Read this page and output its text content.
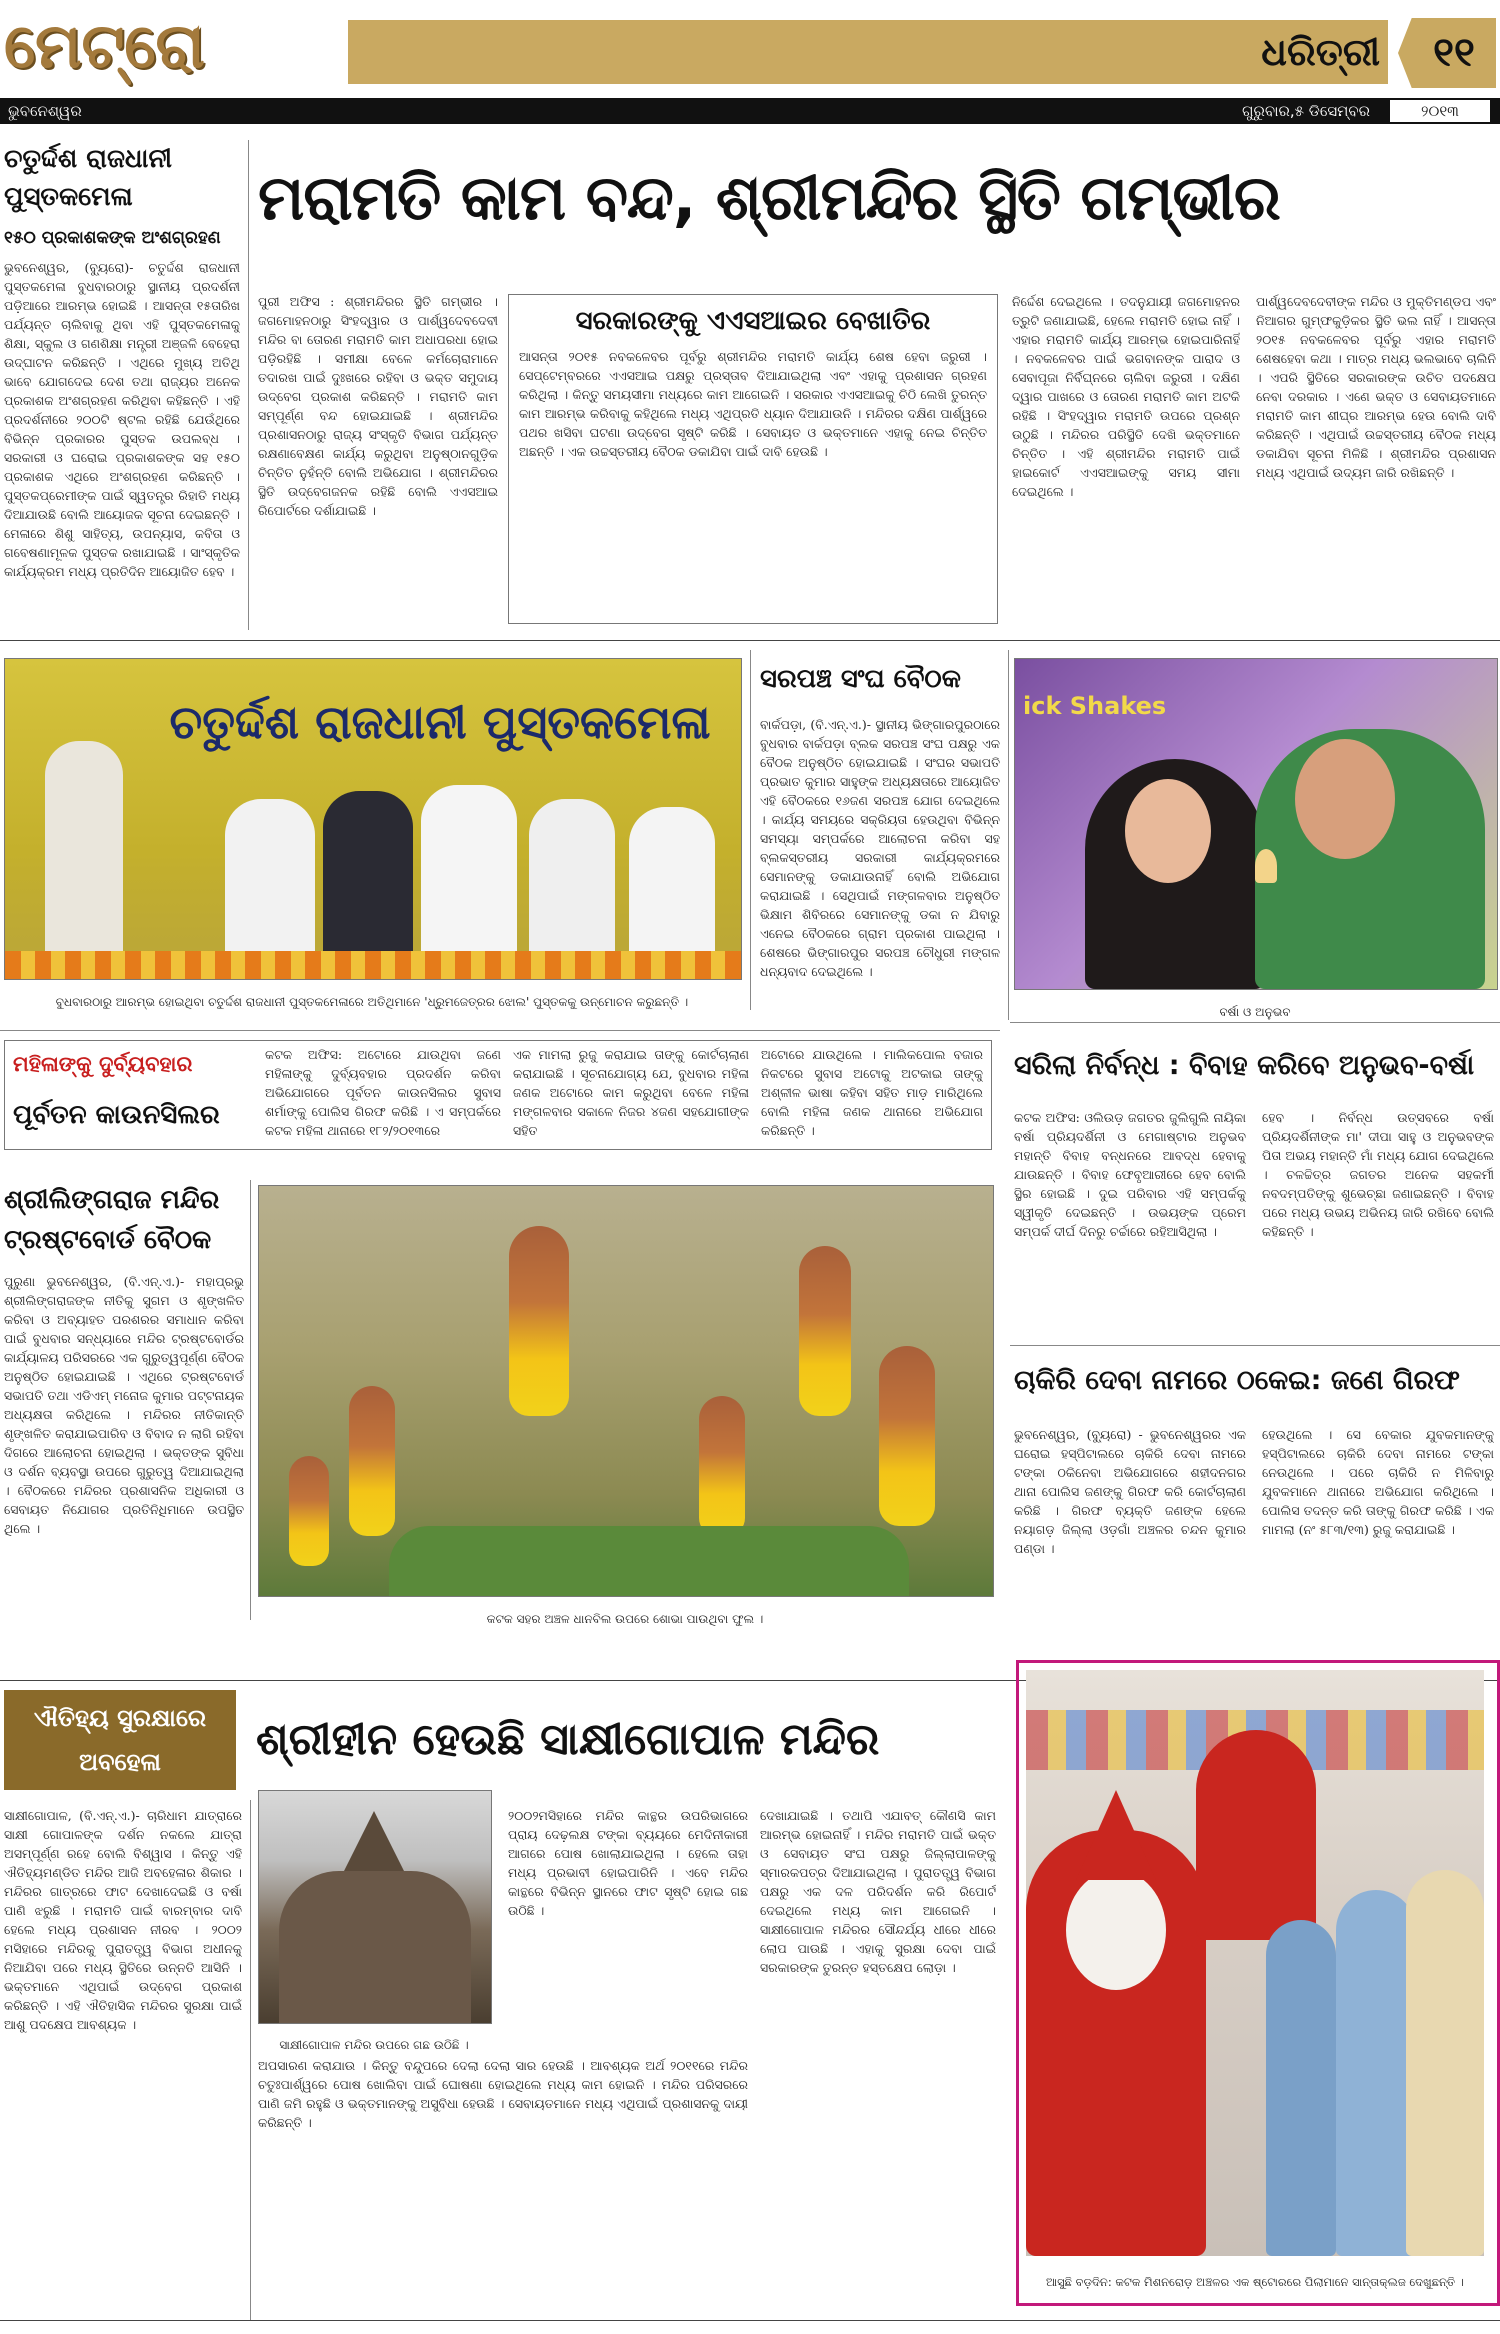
ମେଟ୍ରୋ	ଧରିତ୍ରୀ	୧୧
ଭୁବନେଶ୍ୱର	ଗୁରୁବାର,୫ ଡିସେମ୍ବର	୨୦୧୩
ଚତୁର୍ଦ୍ଦଶ ରାଜଧାନୀ ପୁସ୍ତକମେଳା
୧୫୦ ପ୍ରକାଶକଙ୍କ ଅଂଶଗ୍ରହଣ

ଭୁବନେଶ୍ୱର, (ବ୍ୟୁରୋ)- ଚତୁର୍ଦ୍ଦଶ ରାଜଧାନୀ ପୁସ୍ତକମେଳା ବୁଧବାରଠାରୁ ସ୍ଥାନୀୟ ପ୍ରଦର୍ଶନୀ ପଡ଼ିଆରେ ଆରମ୍ଭ ହୋଇଛି । ଆସନ୍ତା ୧୫ତାରିଖ ପର୍ଯ୍ୟନ୍ତ ଚାଲିବାକୁ ଥିବା ଏହି ପୁସ୍ତକମେଳାକୁ ଶିକ୍ଷା, ସ୍କୁଲ ଓ ଗଣଶିକ୍ଷା ମନ୍ତ୍ରୀ ଅଞ୍ଜଳି ବେହେରା ଉଦ୍‌ଘାଟନ କରିଛନ୍ତି । ଏଥିରେ ମୁଖ୍ୟ ଅତିଥି ଭାବେ ଯୋଗଦେଇ ଦେଶ ତଥା ରାଜ୍ୟର ଅନେକ ପ୍ରକାଶକ ଅଂଶଗ୍ରହଣ କରିଥିବା କହିଛନ୍ତି । ଏହି ପ୍ରଦର୍ଶନୀରେ ୨୦୦ଟି ଷ୍ଟଲ ରହିଛି ଯେଉଁଥିରେ ବିଭିନ୍ନ ପ୍ରକାରର ପୁସ୍ତକ ଉପଲବ୍ଧ । ସରକାରୀ ଓ ଘରୋଇ ପ୍ରକାଶକଙ୍କ ସହ ୧୫୦ ପ୍ରକାଶକ ଏଥିରେ ଅଂଶଗ୍ରହଣ କରିଛନ୍ତି । ପୁସ୍ତକପ୍ରେମୀଙ୍କ ପାଇଁ ସ୍ୱତନ୍ତ୍ର ରିହାତି ମଧ୍ୟ ଦିଆଯାଉଛି ବୋଲି ଆୟୋଜକ ସୂଚନା ଦେଇଛନ୍ତି । ମେଳାରେ ଶିଶୁ ସାହିତ୍ୟ, ଉପନ୍ୟାସ, କବିତା ଓ ଗବେଷଣାମୂଳକ ପୁସ୍ତକ ରଖାଯାଇଛି । ସାଂସ୍କୃତିକ କାର୍ଯ୍ୟକ୍ରମ ମଧ୍ୟ ପ୍ରତିଦିନ ଆୟୋଜିତ ହେବ ।

ମରାମତି କାମ ବନ୍ଦ, ଶ୍ରୀମନ୍ଦିର ସ୍ଥିତି ଗମ୍ଭୀର

ପୁରୀ ଅଫିସ : ଶ୍ରୀମନ୍ଦିରର ସ୍ଥିତି ଗମ୍ଭୀର । ଜଗମୋହନଠାରୁ ସିଂହଦ୍ୱାର ଓ ପାର୍ଶ୍ୱଦେବଦେବୀ ମନ୍ଦିର ବା ତୋରଣ ମରାମତି କାମ ଅଧାପରଧା ହୋଇ ପଡ଼ିରହିଛି । ସମୀକ୍ଷା ବେଳେ କର୍ମଚୋରାମାନେ ତଦାରଖ ପାଇଁ ଦୁଃଖରେ ରହିବା ଓ ଭକ୍ତ ସମୁଦାୟ ଉଦ୍‌ବେଗ ପ୍ରକାଶ କରିଛନ୍ତି । ମରାମତି କାମ ସମ୍ପୂର୍ଣ୍ଣ ବନ୍ଦ ହୋଇଯାଇଛି । ଶ୍ରୀମନ୍ଦିର ପ୍ରଶାସନଠାରୁ ରାଜ୍ୟ ସଂସ୍କୃତି ବିଭାଗ ପର୍ଯ୍ୟନ୍ତ ରକ୍ଷଣାବେକ୍ଷଣ କାର୍ଯ୍ୟ କରୁଥିବା ଅନୁଷ୍ଠାନଗୁଡ଼ିକ ଚିନ୍ତିତ ନୁହଁନ୍ତି ବୋଲି ଅଭିଯୋଗ । ଶ୍ରୀମନ୍ଦିରର ସ୍ଥିତି ଉଦ୍‌ବେଗଜନକ ରହିଛି ବୋଲି ଏଏସଆଇ ରିପୋର୍ଟରେ ଦର୍ଶାଯାଇଛି ।

ସରକାରଙ୍କୁ ଏଏସଆଇର ବେଖାତିର

ଆସନ୍ତା ୨୦୧୫ ନବକଳେବର ପୂର୍ବରୁ ଶ୍ରୀମନ୍ଦିର ମରାମତି କାର୍ଯ୍ୟ ଶେଷ ହେବା ଜରୁରୀ । ସେପ୍ଟେମ୍ବରରେ ଏଏସଆଇ ପକ୍ଷରୁ ପ୍ରସ୍ତାବ ଦିଆଯାଇଥିଲା ଏବଂ ଏହାକୁ ପ୍ରଶାସନ ଗ୍ରହଣ କରିଥିଲା । କିନ୍ତୁ ସମୟସୀମା ମଧ୍ୟରେ କାମ ଆଗେଇନି । ସରକାର ଏଏସଆଇକୁ ଚିଠି ଲେଖି ତୁରନ୍ତ କାମ ଆରମ୍ଭ କରିବାକୁ କହିଥିଲେ ମଧ୍ୟ ଏଥିପ୍ରତି ଧ୍ୟାନ ଦିଆଯାଉନି । ମନ୍ଦିରର ଦକ୍ଷିଣ ପାର୍ଶ୍ୱରେ ପଥର ଖସିବା ଘଟଣା ଉଦ୍‌ବେଗ ସୃଷ୍ଟି କରିଛି । ସେବାୟତ ଓ ଭକ୍ତମାନେ ଏହାକୁ ନେଇ ଚିନ୍ତିତ ଅଛନ୍ତି । ଏକ ଉଚ୍ଚସ୍ତରୀୟ ବୈଠକ ଡକାଯିବା ପାଇଁ ଦାବି ହେଉଛି ।

ନିର୍ଦ୍ଦେଶ ଦେଇଥିଲେ । ତଦନୁଯାୟୀ ଜଗମୋହନର ତ୍ରୁଟି ଜଣାଯାଇଛି, ହେଲେ ମରାମତି ହୋଇ ନାହିଁ । ଏହାର ମରାମତି କାର୍ଯ୍ୟ ଆରମ୍ଭ ହୋଇପାରିନାହିଁ । ନବକଳେବର ପାଇଁ ଭଗବାନଙ୍କ ପାରାଦ ଓ ସେବାପୂଜା ନିର୍ବିଘ୍ନରେ ଚାଲିବା ଜରୁରୀ । ଦକ୍ଷିଣ ଦ୍ୱାର ପାଖରେ ଓ ତୋରଣ ମରାମତି କାମ ଅଟକି ରହିଛି । ସିଂହଦ୍ୱାର ମରାମତି ଉପରେ ପ୍ରଶ୍ନ ଉଠୁଛି । ମନ୍ଦିରର ପରିସ୍ଥିତି ଦେଖି ଭକ୍ତମାନେ ଚିନ୍ତିତ । ଏହି ଶ୍ରୀମନ୍ଦିର ମରାମତି ପାଇଁ ହାଇକୋର୍ଟ ଏଏସଆଇଙ୍କୁ ସମୟ ସୀମା ଦେଇଥିଲେ ।

ପାର୍ଶ୍ୱଦେବଦେବୀଙ୍କ ମନ୍ଦିର ଓ ମୁକ୍ତିମଣ୍ଡପ ଏବଂ ନିଆଗର ଗୁମ୍ଫକୁଡ଼ିକର ସ୍ଥିତି ଭଲ ନାହିଁ । ଆସନ୍ତା ୨୦୧୫ ନବକଳେବର ପୂର୍ବରୁ ଏହାର ମରାମତି ଶେଷହେବା କଥା । ମାତ୍ର ମଧ୍ୟ ଭଲଭାବେ ଚାଲିନି । ଏପରି ସ୍ଥିତିରେ ସରକାରଙ୍କ ଉଚିତ ପଦକ୍ଷେପ ନେବା ଦରକାର । ଏଣେ ଭକ୍ତ ଓ ସେବାୟତମାନେ ମରାମତି କାମ ଶୀଘ୍ର ଆରମ୍ଭ ହେଉ ବୋଲି ଦାବି କରିଛନ୍ତି । ଏଥିପାଇଁ ଉଚ୍ଚସ୍ତରୀୟ ବୈଠକ ମଧ୍ୟ ଡକାଯିବା ସୂଚନା ମିଳିଛି । ଶ୍ରୀମନ୍ଦିର ପ୍ରଶାସନ ମଧ୍ୟ ଏଥିପାଇଁ ଉଦ୍ୟମ ଜାରି ରଖିଛନ୍ତି ।

ଚତୁର୍ଦ୍ଦଶ ରାଜଧାନୀ ପୁସ୍ତକମେଳା

ବୁଧବାରଠାରୁ ଆରମ୍ଭ ହୋଇଥିବା ଚତୁର୍ଦ୍ଦଶ ରାଜଧାନୀ ପୁସ୍ତକମେଳାରେ ଅତିଥିମାନେ 'ଧ୍ରୁମଜେତ୍ରର ଝୋଲ' ପୁସ୍ତକକୁ ଉନ୍ମୋଚନ କରୁଛନ୍ତି ।

ସରପଞ୍ଚ ସଂଘ ବୈଠକ

ବାର୍କପଡ଼ା, (ବି.ଏନ୍.ଏ.)- ସ୍ଥାନୀୟ ଭିଙ୍ଗାରପୁରଠାରେ ବୁଧବାର ବାର୍କପଡ଼ା ବ୍ଲକ ସରପଞ୍ଚ ସଂଘ ପକ୍ଷରୁ ଏକ ବୈଠକ ଅନୁଷ୍ଠିତ ହୋଇଯାଇଛି । ସଂଘର ସଭାପତି ପ୍ରଭାତ କୁମାର ସାହୁଙ୍କ ଅଧ୍ୟକ୍ଷତାରେ ଆୟୋଜିତ ଏହି ବୈଠକରେ ୧୬ଜଣ ସରପଞ୍ଚ ଯୋଗ ଦେଇଥିଲେ । କାର୍ଯ୍ୟ ସମୟରେ ସକ୍ରିୟତା ହେଉଥିବା ବିଭିନ୍ନ ସମସ୍ୟା ସମ୍ପର୍କରେ ଆଲୋଚନା କରିବା ସହ ବ୍ଲକସ୍ତରୀୟ ସରକାରୀ କାର୍ଯ୍ୟକ୍ରମରେ ସେମାନଙ୍କୁ ଡକାଯାଉନାହିଁ ବୋଲି ଅଭିଯୋଗ କରାଯାଇଛି । ସେଥିପାଇଁ ମଙ୍ଗଳବାର ଅନୁଷ୍ଠିତ ଭିକ୍ଷାମ ଶିବିରରେ ସେମାନଙ୍କୁ ଡକା ନ ଯିବାରୁ ଏନେଇ ବୈଠକରେ ଗ୍ରାମ ପ୍ରକାଶ ପାଇଥିଲା । ଶେଷରେ ଭିଙ୍ଗାରପୁର ସରପଞ୍ଚ ଚୌଧୁରୀ ମଙ୍ଗଳ ଧନ୍ୟବାଦ ଦେଇଥିଲେ ।

ick Shakes

ବର୍ଷା ଓ ଅନୁଭବ

ମହିଳାଙ୍କୁ ଦୁର୍ବ୍ୟବହାର
ପୂର୍ବତନ କାଉନସିଲର

କଟକ ଅଫିସ: ଅଟୋରେ ଯାଉଥିବା ଜଣେ ମହିଳାଙ୍କୁ ଦୁର୍ବ୍ୟବହାର ପ୍ରଦର୍ଶନ କରିବା ଅଭିଯୋଗରେ ପୂର୍ବତନ କାଉନସିଲର ସୁବାସ ଶର୍ମାଙ୍କୁ ପୋଲିସ ଗିରଫ କରିଛି । ଏ ସମ୍ପର୍କରେ କଟକ ମହିଳା ଥାନାରେ ୧୮୨/୨୦୧୩ରେ

ଏକ ମାମଲା ରୁଜୁ କରାଯାଇ ତାଙ୍କୁ କୋର୍ଟଚାଲାଣ କରାଯାଇଛି । ସୂଚନାଯୋଗ୍ୟ ଯେ, ବୁଧବାର ମହିଳା ଜଣକ ଅଟୋରେ କାମ କରୁଥିବା ବେଳେ ମହିଳା ମଙ୍ଗଳବାର ସକାଳେ ନିଜର ୪ଜଣ ସହଯୋଗୀଙ୍କ ସହିତ

ଅଟୋରେ ଯାଉଥିଲେ । ମାଲିକପୋଲ ବଜାର ନିକଟରେ ସୁବାସ ଅଟୋକୁ ଅଟକାଇ ତାଙ୍କୁ ଅଶ୍ଳୀଳ ଭାଷା କହିବା ସହିତ ମାଡ଼ ମାରିଥିଲେ ବୋଲି ମହିଳା ଜଣକ ଥାନାରେ ଅଭିଯୋଗ କରିଛନ୍ତି ।

ସରିଲା ନିର୍ବନ୍ଧ : ବିବାହ କରିବେ ଅନୁଭବ-ବର୍ଷା

କଟକ ଅଫିସ: ଓଲିଉଡ଼ ଜଗତର ଜୁଲିଗୁଲି ନାୟିକା ବର୍ଷା ପ୍ରିୟଦର୍ଶିନୀ ଓ ମେଗାଷ୍ଟାର ଅନୁଭବ ମହାନ୍ତି ବିବାହ ବନ୍ଧନରେ ଆବଦ୍ଧ ହେବାକୁ ଯାଉଛନ୍ତି । ବିବାହ ଫେବୃଆରୀରେ ହେବ ବୋଲି ସ୍ଥିର ହୋଇଛି । ଦୁଇ ପରିବାର ଏହି ସମ୍ପର୍କକୁ ସ୍ୱୀକୃତି ଦେଇଛନ୍ତି । ଉଭୟଙ୍କ ପ୍ରେମ ସମ୍ପର୍କ ଦୀର୍ଘ ଦିନରୁ ଚର୍ଚ୍ଚାରେ ରହିଆସିଥିଲା ।

ହେବ । ନିର୍ବନ୍ଧ ଉତ୍ସବରେ ବର୍ଷା ପ୍ରିୟଦର୍ଶିନୀଙ୍କ ମା' ଦୀପା ସାହୁ ଓ ଅନୁଭବଙ୍କ ପିତା ଅଭୟ ମହାନ୍ତି ମାଁ ମଧ୍ୟ ଯୋଗ ଦେଇଥିଲେ । ଚଳଚ୍ଚିତ୍ର ଜଗତର ଅନେକ ସହକର୍ମୀ ନବଦମ୍ପତିଙ୍କୁ ଶୁଭେଚ୍ଛା ଜଣାଇଛନ୍ତି । ବିବାହ ପରେ ମଧ୍ୟ ଉଭୟ ଅଭିନୟ ଜାରି ରଖିବେ ବୋଲି କହିଛନ୍ତି ।

ଶ୍ରୀଲିଙ୍ଗରାଜ ମନ୍ଦିର ଟ୍ରଷ୍ଟବୋର୍ଡ ବୈଠକ

ପୁରୁଣା ଭୁବନେଶ୍ୱର, (ବି.ଏନ୍.ଏ.)- ମହାପ୍ରଭୁ ଶ୍ରୀଲିଙ୍ଗରାଜଙ୍କ ନୀତିକୁ ସୁଗମ ଓ ଶୃଙ୍ଖଳିତ କରିବା ଓ ଅବ୍ୟାହତ ପରଶରର ସମାଧାନ କରିବା ପାଇଁ ବୁଧବାର ସନ୍ଧ୍ୟାରେ ମନ୍ଦିର ଟ୍ରଷ୍ଟବୋର୍ଡର କାର୍ଯ୍ୟାଳୟ ପରିସରରେ ଏକ ଗୁରୁତ୍ୱପୂର୍ଣ୍ଣ ବୈଠକ ଅନୁଷ୍ଠିତ ହୋଇଯାଇଛି । ଏଥିରେ ଟ୍ରଷ୍ଟବୋର୍ଡ ସଭାପତି ତଥା ଏଡିଏମ୍ ମନୋଜ କୁମାର ପଟ୍ଟନାୟକ ଅଧ୍ୟକ୍ଷତା କରିଥିଲେ । ମନ୍ଦିରର ନୀତିକାନ୍ତି ଶୃଙ୍ଖଳିତ କରାଯାଇପାରିବ ଓ ବିବାଦ ନ ଲାଗି ରହିବା ଦିଗରେ ଆଲୋଚନା ହୋଇଥିଲା । ଭକ୍ତଙ୍କ ସୁବିଧା ଓ ଦର୍ଶନ ବ୍ୟବସ୍ଥା ଉପରେ ଗୁରୁତ୍ୱ ଦିଆଯାଇଥିଲା । ବୈଠକରେ ମନ୍ଦିରର ପ୍ରଶାସନିକ ଅଧିକାରୀ ଓ ସେବାୟତ ନିଯୋଗର ପ୍ରତିନିଧିମାନେ ଉପସ୍ଥିତ ଥିଲେ ।

କଟକ ସହର ଅଞ୍ଚଳ ଧାନବିଲ ଉପରେ ଶୋଭା ପାଉଥିବା ଫୁଲ ।

ଚାକିରି ଦେବା ନାମରେ ଠକେଇ: ଜଣେ ଗିରଫ

ଭୁବନେଶ୍ୱର, (ବ୍ୟୁରୋ) - ଭୁବନେଶ୍ୱରର ଏକ ଘରୋଇ ହସ୍ପିଟାଲରେ ଚାକିରି ଦେବା ନାମରେ ଟଙ୍କା ଠକିନେବା ଅଭିଯୋଗରେ ଶହୀଦନଗର ଥାନା ପୋଲିସ ଜଣଙ୍କୁ ଗିରଫ କରି କୋର୍ଟଚାଲାଣ କରିଛି । ଗିରଫ ବ୍ୟକ୍ତି ଜଣଙ୍କ ହେଲେ ନୟାଗଡ଼ ଜିଲ୍ଲା ଓଡ଼ଗାଁ ଅଞ୍ଚଳର ଚନ୍ଦନ କୁମାର ପଣ୍ଡା ।

ହେଉଥିଲେ । ସେ ବେକାର ଯୁବକମାନଙ୍କୁ ହସ୍ପିଟାଲରେ ଚାକିରି ଦେବା ନାମରେ ଟଙ୍କା ନେଉଥିଲେ । ପରେ ଚାକିରି ନ ମିଳିବାରୁ ଯୁବକମାନେ ଥାନାରେ ଅଭିଯୋଗ କରିଥିଲେ । ପୋଲିସ ତଦନ୍ତ କରି ତାଙ୍କୁ ଗିରଫ କରିଛି । ଏକ ମାମଲା (ନଂ ୫୮୩/୧୩) ରୁଜୁ କରାଯାଇଛି ।

ଐତିହ୍ୟ ସୁରକ୍ଷାରେ ଅବହେଳା	ଶ୍ରୀହୀନ ହେଉଛି ସାକ୍ଷୀଗୋପାଳ ମନ୍ଦିର

ସାକ୍ଷୀଗୋପାଳ, (ବି.ଏନ୍.ଏ.)- ଚାରିଧାମ ଯାତ୍ରାରେ ସାକ୍ଷୀ ଗୋପାଳଙ୍କ ଦର୍ଶନ ନକଲେ ଯାତ୍ରା ଅସମ୍ପୂର୍ଣ୍ଣ ରହେ ବୋଲି ବିଶ୍ୱାସ । କିନ୍ତୁ ଏହି ଐତିହ୍ୟମଣ୍ଡିତ ମନ୍ଦିର ଆଜି ଅବହେଳାର ଶିକାର । ମନ୍ଦିରର ଗାତ୍ରରେ ଫାଟ ଦେଖାଦେଇଛି ଓ ବର୍ଷା ପାଣି ଝରୁଛି । ମରାମତି ପାଇଁ ବାରମ୍ବାର ଦାବି ହେଲେ ମଧ୍ୟ ପ୍ରଶାସନ ନୀରବ । ୨୦୦୨ ମସିହାରେ ମନ୍ଦିରକୁ ପୁରାତତ୍ତ୍ୱ ବିଭାଗ ଅଧୀନକୁ ନିଆଯିବା ପରେ ମଧ୍ୟ ସ୍ଥିତିରେ ଉନ୍ନତି ଆସିନି । ଭକ୍ତମାନେ ଏଥିପାଇଁ ଉଦ୍‌ବେଗ ପ୍ରକାଶ କରିଛନ୍ତି । ଏହି ଐତିହାସିକ ମନ୍ଦିରର ସୁରକ୍ଷା ପାଇଁ ଆଶୁ ପଦକ୍ଷେପ ଆବଶ୍ୟକ ।

ସାକ୍ଷୀଗୋପାଳ ମନ୍ଦିର ଉପରେ ଗଛ ଉଠିଛି ।

୨୦୦୨ମସିହାରେ ମନ୍ଦିର କାନ୍ଥର ଉପରିଭାଗରେ ପ୍ରାୟ ଦେଢ଼ଲକ୍ଷ ଟଙ୍କା ବ୍ୟୟରେ ମେଦିନୀକାରୀ ଆଗରେ ପୋଷ ଖୋଲାଯାଇଥିଲା । ହେଲେ ତାହା ମଧ୍ୟ ପ୍ରଭାବୀ ହୋଇପାରିନି । ଏବେ ମନ୍ଦିର କାନ୍ଥରେ ବିଭିନ୍ନ ସ୍ଥାନରେ ଫାଟ ସୃଷ୍ଟି ହୋଇ ଗଛ ଉଠିଛି ।

ଅପସାରଣ କରାଯାଉ । କିନ୍ତୁ ବନ୍ଦୁପରେ ଦେଲା ଦେଲା ସାର ହେଉଛି । ଆବଶ୍ୟକ ଅର୍ଥ ୨୦୧୧ରେ ମନ୍ଦିର ଚତୁଃପାର୍ଶ୍ୱରେ ପୋଷ ଖୋଲିବା ପାଇଁ ଘୋଷଣା ହୋଇଥିଲେ ମଧ୍ୟ କାମ ହୋଇନି । ମନ୍ଦିର ପରିସରରେ ପାଣି ଜମି ରହୁଛି ଓ ଭକ୍ତମାନଙ୍କୁ ଅସୁବିଧା ହେଉଛି । ସେବାୟତମାନେ ମଧ୍ୟ ଏଥିପାଇଁ ପ୍ରଶାସନକୁ ଦାୟୀ କରିଛନ୍ତି ।

ଦେଖାଯାଇଛି । ତଥାପି ଏଯାବତ୍ କୌଣସି କାମ ଆରମ୍ଭ ହୋଇନାହିଁ । ମନ୍ଦିର ମରାମତି ପାଇଁ ଭକ୍ତ ଓ ସେବାୟତ ସଂଘ ପକ୍ଷରୁ ଜିଲ୍ଲାପାଳଙ୍କୁ ସ୍ମାରକପତ୍ର ଦିଆଯାଇଥିଲା । ପୁରାତତ୍ତ୍ୱ ବିଭାଗ ପକ୍ଷରୁ ଏକ ଦଳ ପରିଦର୍ଶନ କରି ରିପୋର୍ଟ ଦେଇଥିଲେ ମଧ୍ୟ କାମ ଆଗେଇନି । ସାକ୍ଷୀଗୋପାଳ ମନ୍ଦିରର ସୌନ୍ଦର୍ଯ୍ୟ ଧୀରେ ଧୀରେ ଲୋପ ପାଉଛି । ଏହାକୁ ସୁରକ୍ଷା ଦେବା ପାଇଁ ସରକାରଙ୍କ ତୁରନ୍ତ ହସ୍ତକ୍ଷେପ ଲୋଡ଼ା ।

ଆସୁଛି ବଡ଼ଦିନ: କଟକ ମିଶନରୋଡ଼ ଅଞ୍ଚଳର ଏକ ଷ୍ଟୋରରେ ପିଲାମାନେ ସାନ୍ତାକ୍ଲଜ ଦେଖୁଛନ୍ତି ।
